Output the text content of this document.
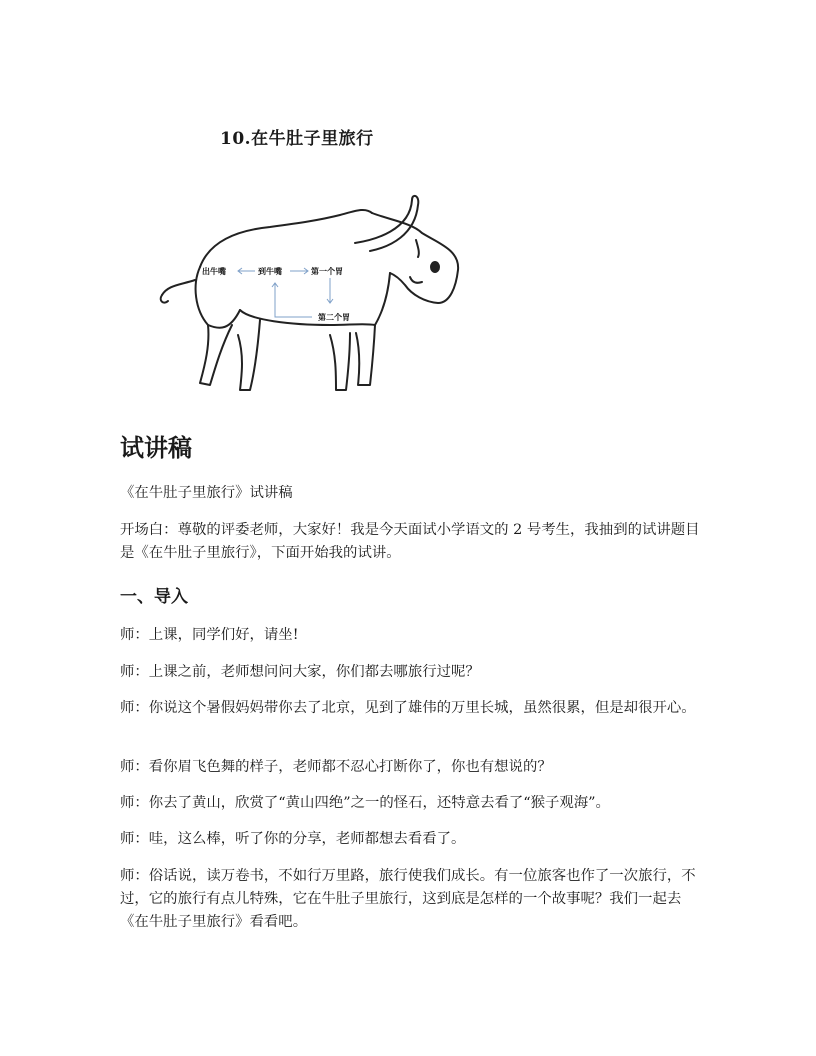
10.在牛肚子里旅行
出牛嘴	到牛嘴	第一个胃
第二个胃
试讲稿
《在牛肚子里旅行》试讲稿
开场白：尊敬的评委老师，大家好！我是今天面试小学语文的 2 号考生，我抽到的试讲题目是《在牛肚子里旅行》，下面开始我的试讲。
一、导入
师：上课，同学们好，请坐!
师：上课之前，老师想问问大家，你们都去哪旅行过呢？
师：你说这个暑假妈妈带你去了北京，见到了雄伟的万里长城，虽然很累，但是却很开心。
师：看你眉飞色舞的样子，老师都不忍心打断你了，你也有想说的？
师：你去了黄山，欣赏了“黄山四绝”之一的怪石，还特意去看了“猴子观海”。
师：哇，这么棒，听了你的分享，老师都想去看看了。
师：俗话说，读万卷书，不如行万里路，旅行使我们成长。有一位旅客也作了一次旅行，不过，它的旅行有点儿特殊，它在牛肚子里旅行，这到底是怎样的一个故事呢？我们一起去《在牛肚子里旅行》看看吧。
